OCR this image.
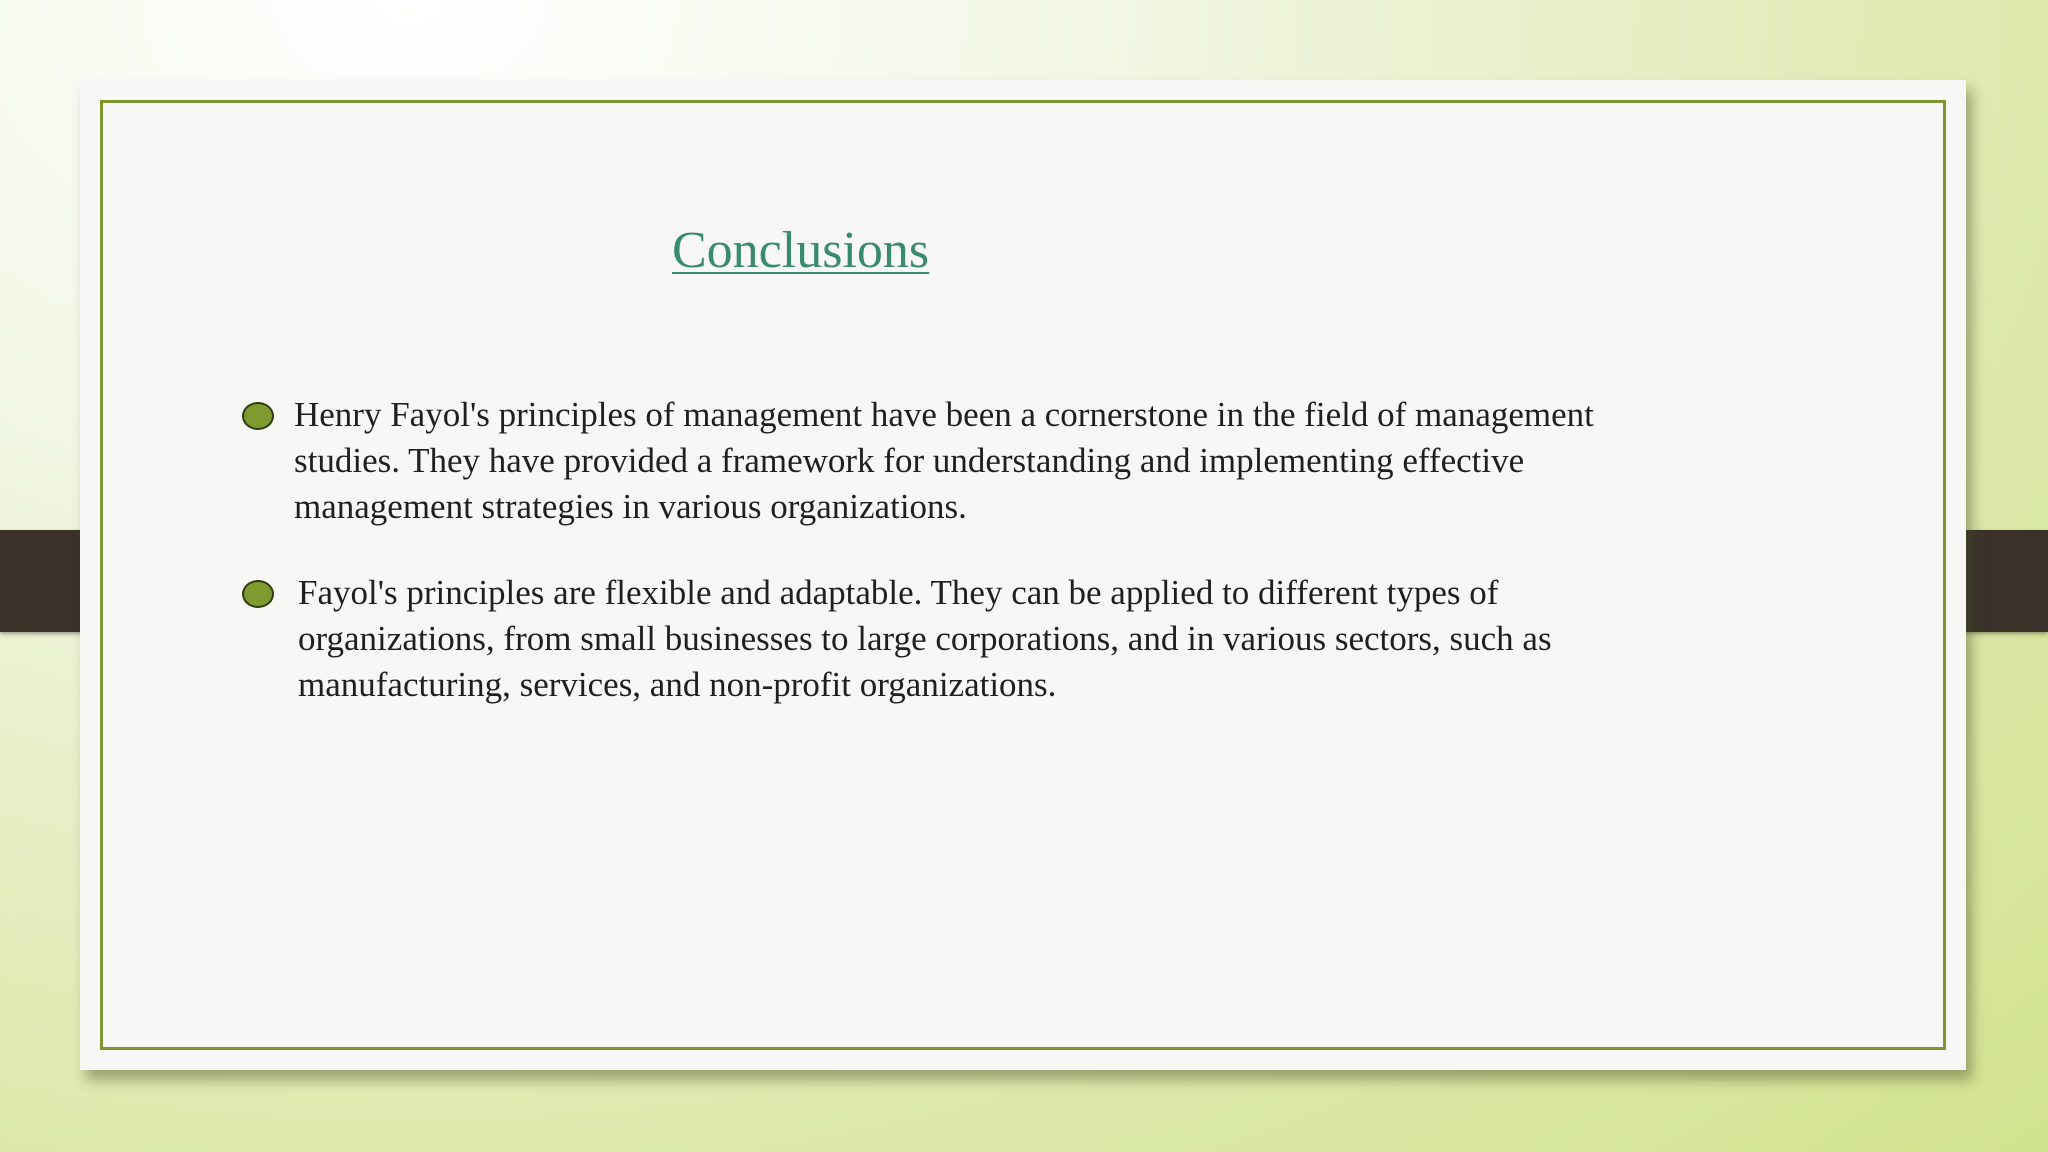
Conclusions
Henry Fayol's principles of management have been a cornerstone in the field of management studies. They have provided a framework for understanding and implementing effective management strategies in various organizations.
Fayol's principles are flexible and adaptable. They can be applied to different types of organizations, from small businesses to large corporations, and in various sectors, such as manufacturing, services, and non-profit organizations.
